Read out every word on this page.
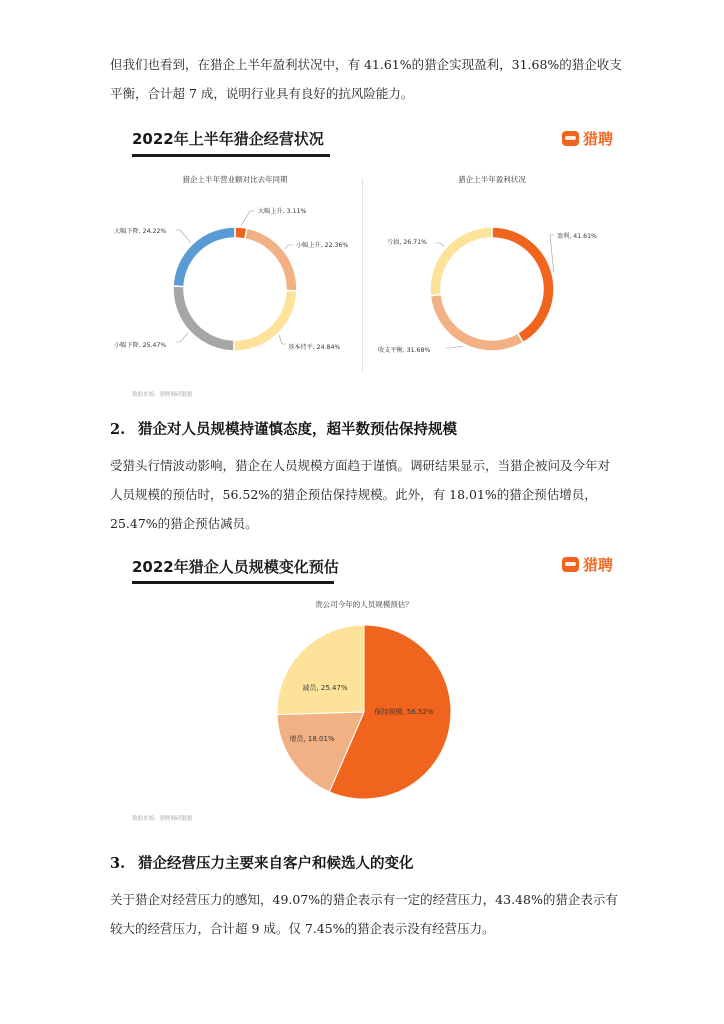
但我们也看到，在猎企上半年盈利状况中，有 41.61%的猎企实现盈利，31.68%的猎企收支平衡，合计超 7 成，说明行业具有良好的抗风险能力。

2022年上半年猎企经营状况	猎聘
猎企上半年营业额对比去年同期
大幅上升, 3.11%
小幅上升, 22.36%
基本持平, 24.84%
小幅下降, 25.47%
大幅下降, 24.22%
猎企上半年盈利状况
盈利, 41.61%
收支平衡, 31.68%
亏损, 26.71%
数据来源：猎聘调研数据
2. 猎企对人员规模持谨慎态度，超半数预估保持规模

受猎头行情波动影响，猎企在人员规模方面趋于谨慎。调研结果显示，当猎企被问及今年对人员规模的预估时，56.52%的猎企预估保持规模。此外，有 18.01%的猎企预估增员，25.47%的猎企预估减员。

2022年猎企人员规模变化预估	猎聘
贵公司今年的人员规模预估？
保持规模, 56.52%
增员, 18.01%
减员, 25.47%
数据来源：猎聘调研数据
3. 猎企经营压力主要来自客户和候选人的变化

关于猎企对经营压力的感知，49.07%的猎企表示有一定的经营压力，43.48%的猎企表示有较大的经营压力，合计超 9 成。仅 7.45%的猎企表示没有经营压力。
